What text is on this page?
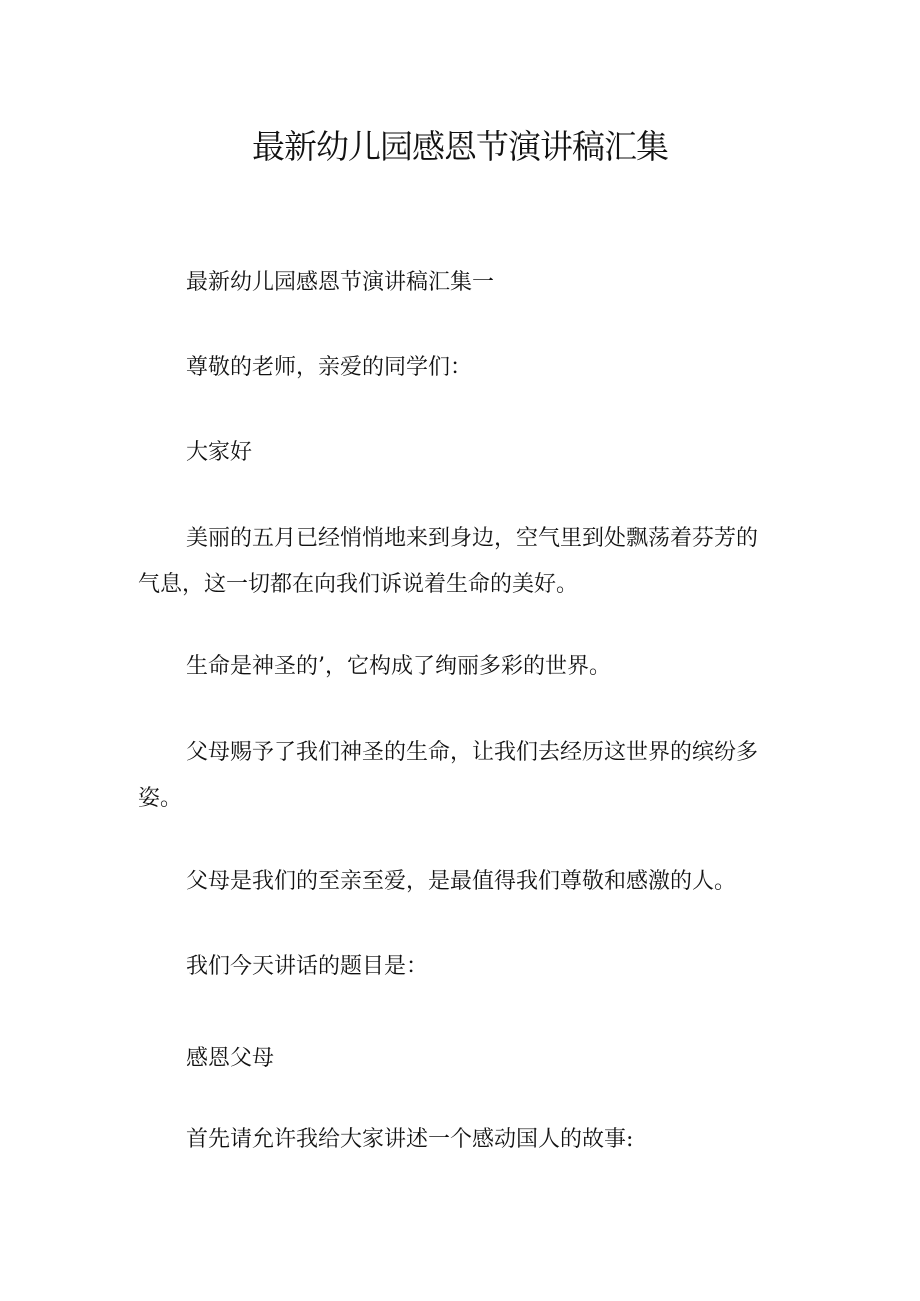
最新幼儿园感恩节演讲稿汇集

最新幼儿园感恩节演讲稿汇集一

尊敬的老师，亲爱的同学们：

大家好

美丽的五月已经悄悄地来到身边，空气里到处飘荡着芬芳的气息，这一切都在向我们诉说着生命的美好。

生命是神圣的’，它构成了绚丽多彩的世界。

父母赐予了我们神圣的生命，让我们去经历这世界的缤纷多姿。

父母是我们的至亲至爱，是最值得我们尊敬和感激的人。

我们今天讲话的题目是：

感恩父母

首先请允许我给大家讲述一个感动国人的故事:
